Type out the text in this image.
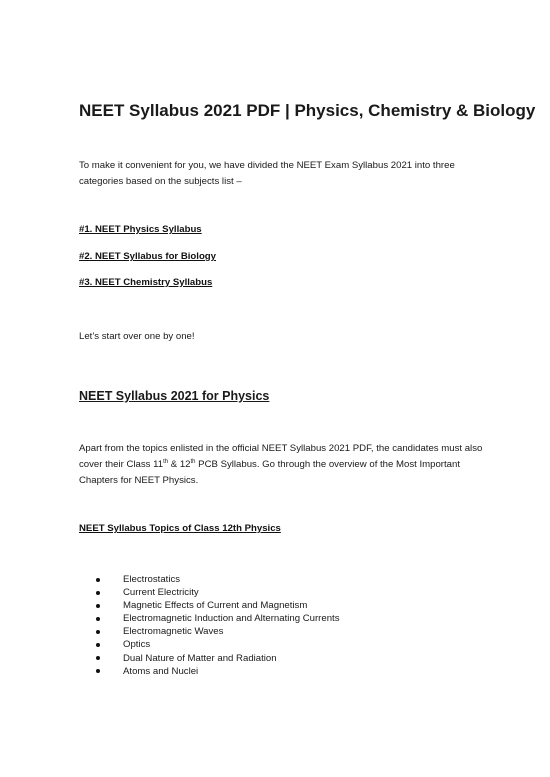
NEET Syllabus 2021 PDF | Physics, Chemistry & Biology

To make it convenient for you, we have divided the NEET Exam Syllabus 2021 into three categories based on the subjects list –

#1. NEET Physics Syllabus
#2. NEET Syllabus for Biology
#3. NEET Chemistry Syllabus

Let’s start over one by one!

NEET Syllabus 2021 for Physics

Apart from the topics enlisted in the official NEET Syllabus 2021 PDF, the candidates must also cover their Class 11th & 12th PCB Syllabus. Go through the overview of the Most Important Chapters for NEET Physics.

NEET Syllabus Topics of Class 12th Physics
Electrostatics
Current Electricity
Magnetic Effects of Current and Magnetism
Electromagnetic Induction and Alternating Currents
Electromagnetic Waves
Optics
Dual Nature of Matter and Radiation
Atoms and Nuclei
